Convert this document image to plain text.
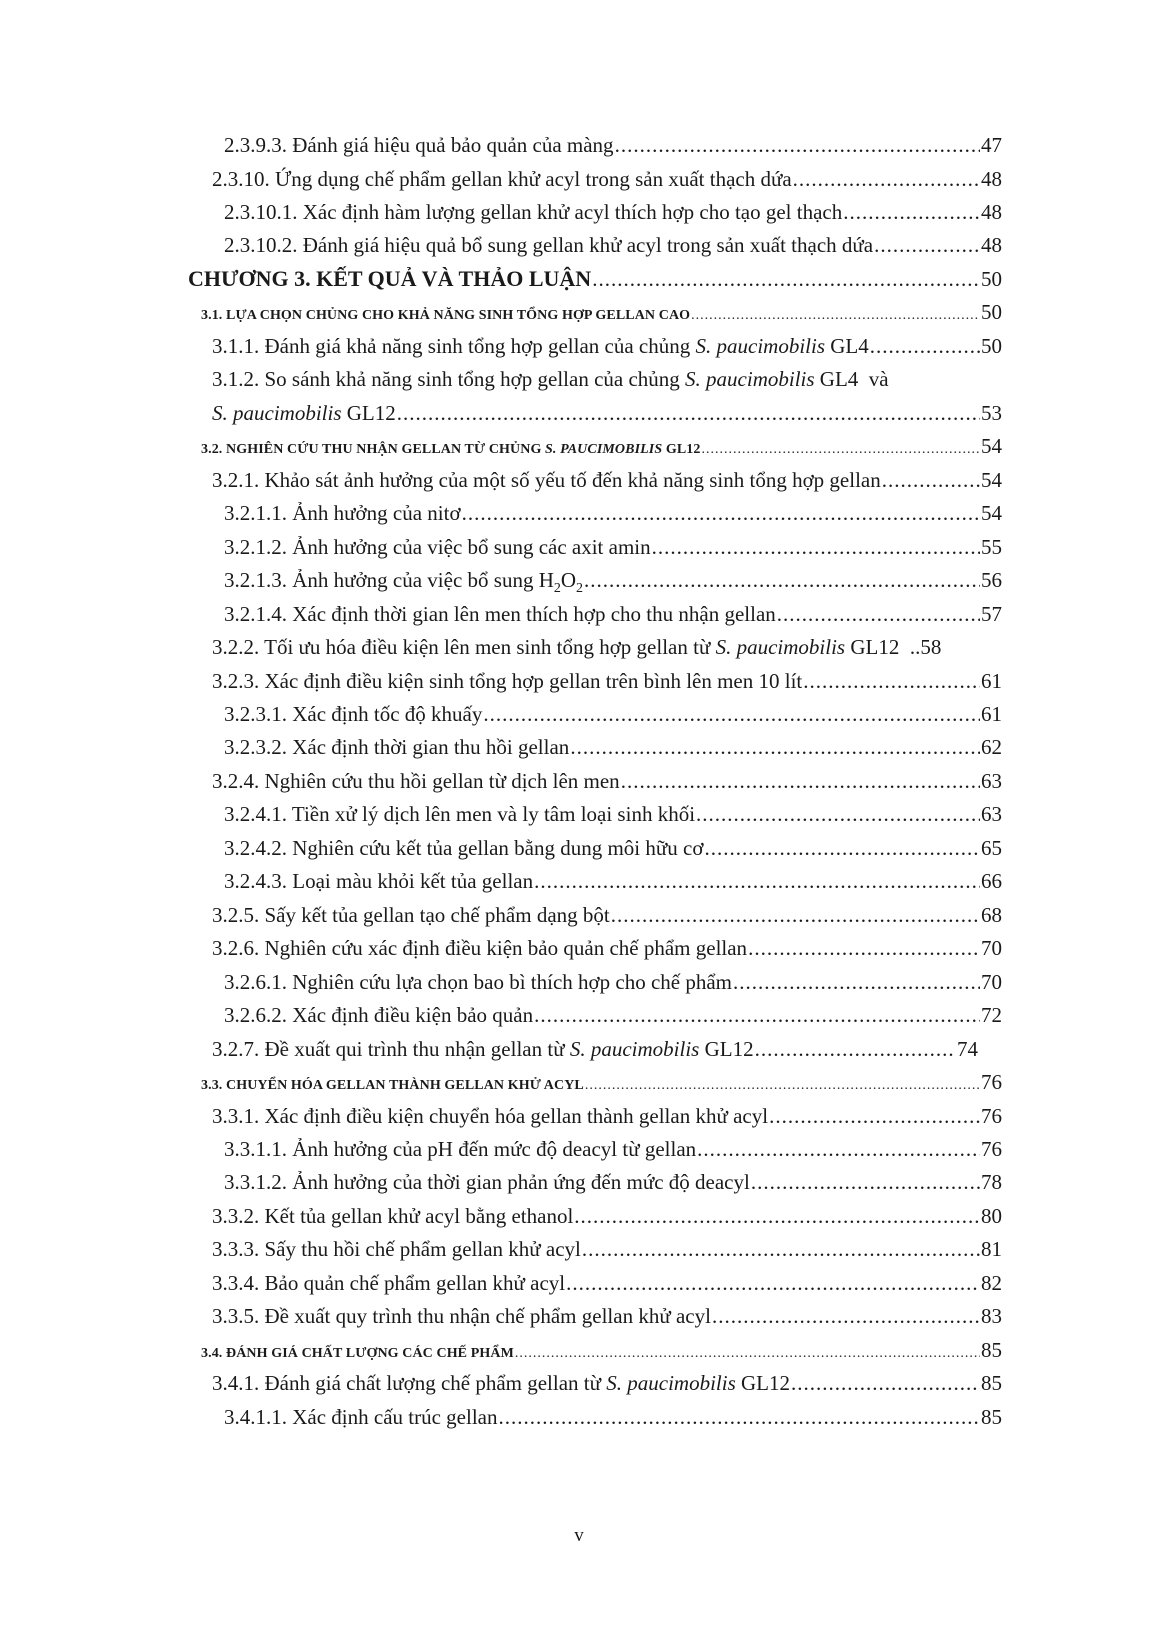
2.3.9.3. Đánh giá hiệu quả bảo quản của màng .....	47
2.3.10. Ứng dụng chế phẩm gellan khử acyl trong sản xuất thạch dứa .....	48
2.3.10.1. Xác định hàm lượng gellan khử acyl thích hợp cho tạo gel thạch .....	48
2.3.10.2. Đánh giá hiệu quả bổ sung gellan khử acyl trong sản xuất thạch dứa .....	48
CHƯƠNG 3. KẾT QUẢ VÀ THẢO LUẬN .....	50
3.1. LỰA CHỌN CHỦNG CHO KHẢ NĂNG SINH TỔNG HỢP GELLAN CAO .....	50
3.1.1. Đánh giá khả năng sinh tổng hợp gellan của chủng S. paucimobilis GL4 .....	50
3.1.2. So sánh khả năng sinh tổng hợp gellan của chủng S. paucimobilis GL4  và
S. paucimobilis GL12 .....	53
3.2. NGHIÊN CỨU THU NHẬN GELLAN TỪ CHỦNG S. PAUCIMOBILIS GL12 .....	54
3.2.1. Khảo sát ảnh hưởng của một số yếu tố đến khả năng sinh tổng hợp gellan .....	54
3.2.1.1. Ảnh hưởng của nitơ .....	54
3.2.1.2. Ảnh hưởng của việc bổ sung các axit amin .....	55
3.2.1.3. Ảnh hưởng của việc bổ sung $H_2O_2$ .....	56
3.2.1.4. Xác định thời gian lên men thích hợp cho thu nhận gellan .....	57
3.2.2. Tối ưu hóa điều kiện lên men sinh tổng hợp gellan từ S. paucimobilis GL12 ..58
3.2.3. Xác định điều kiện sinh tổng hợp gellan trên bình lên men 10 lít .....	61
3.2.3.1. Xác định tốc độ khuấy .....	61
3.2.3.2. Xác định thời gian thu hồi gellan .....	62
3.2.4. Nghiên cứu thu hồi gellan từ dịch lên men .....	63
3.2.4.1. Tiền xử lý dịch lên men và ly tâm loại sinh khối .....	63
3.2.4.2. Nghiên cứu kết tủa gellan bằng dung môi hữu cơ .....	65
3.2.4.3. Loại màu khỏi kết tủa gellan .....	66
3.2.5. Sấy kết tủa gellan tạo chế phẩm dạng bột .....	68
3.2.6. Nghiên cứu xác định điều kiện bảo quản chế phẩm gellan .....	70
3.2.6.1. Nghiên cứu lựa chọn bao bì thích hợp cho chế phẩm .....	70
3.2.6.2. Xác định điều kiện bảo quản .....	72
3.2.7. Đề xuất qui trình thu nhận gellan từ S. paucimobilis GL12 .....	74
3.3. CHUYỂN HÓA GELLAN THÀNH GELLAN KHỬ ACYL .....	76
3.3.1. Xác định điều kiện chuyển hóa gellan thành gellan khử acyl .....	76
3.3.1.1. Ảnh hưởng của pH đến mức độ deacyl từ gellan .....	76
3.3.1.2. Ảnh hưởng của thời gian phản ứng đến mức độ deacyl .....	78
3.3.2. Kết tủa gellan khử acyl bằng ethanol .....	80
3.3.3. Sấy thu hồi chế phẩm gellan khử acyl .....	81
3.3.4. Bảo quản chế phẩm gellan khử acyl .....	82
3.3.5. Đề xuất quy trình thu nhận chế phẩm gellan khử acyl .....	83
3.4. ĐÁNH GIÁ CHẤT LƯỢNG CÁC CHẾ PHẨM .....	85
3.4.1. Đánh giá chất lượng chế phẩm gellan từ S. paucimobilis GL12 .....	85
3.4.1.1. Xác định cấu trúc gellan .....	85
v
